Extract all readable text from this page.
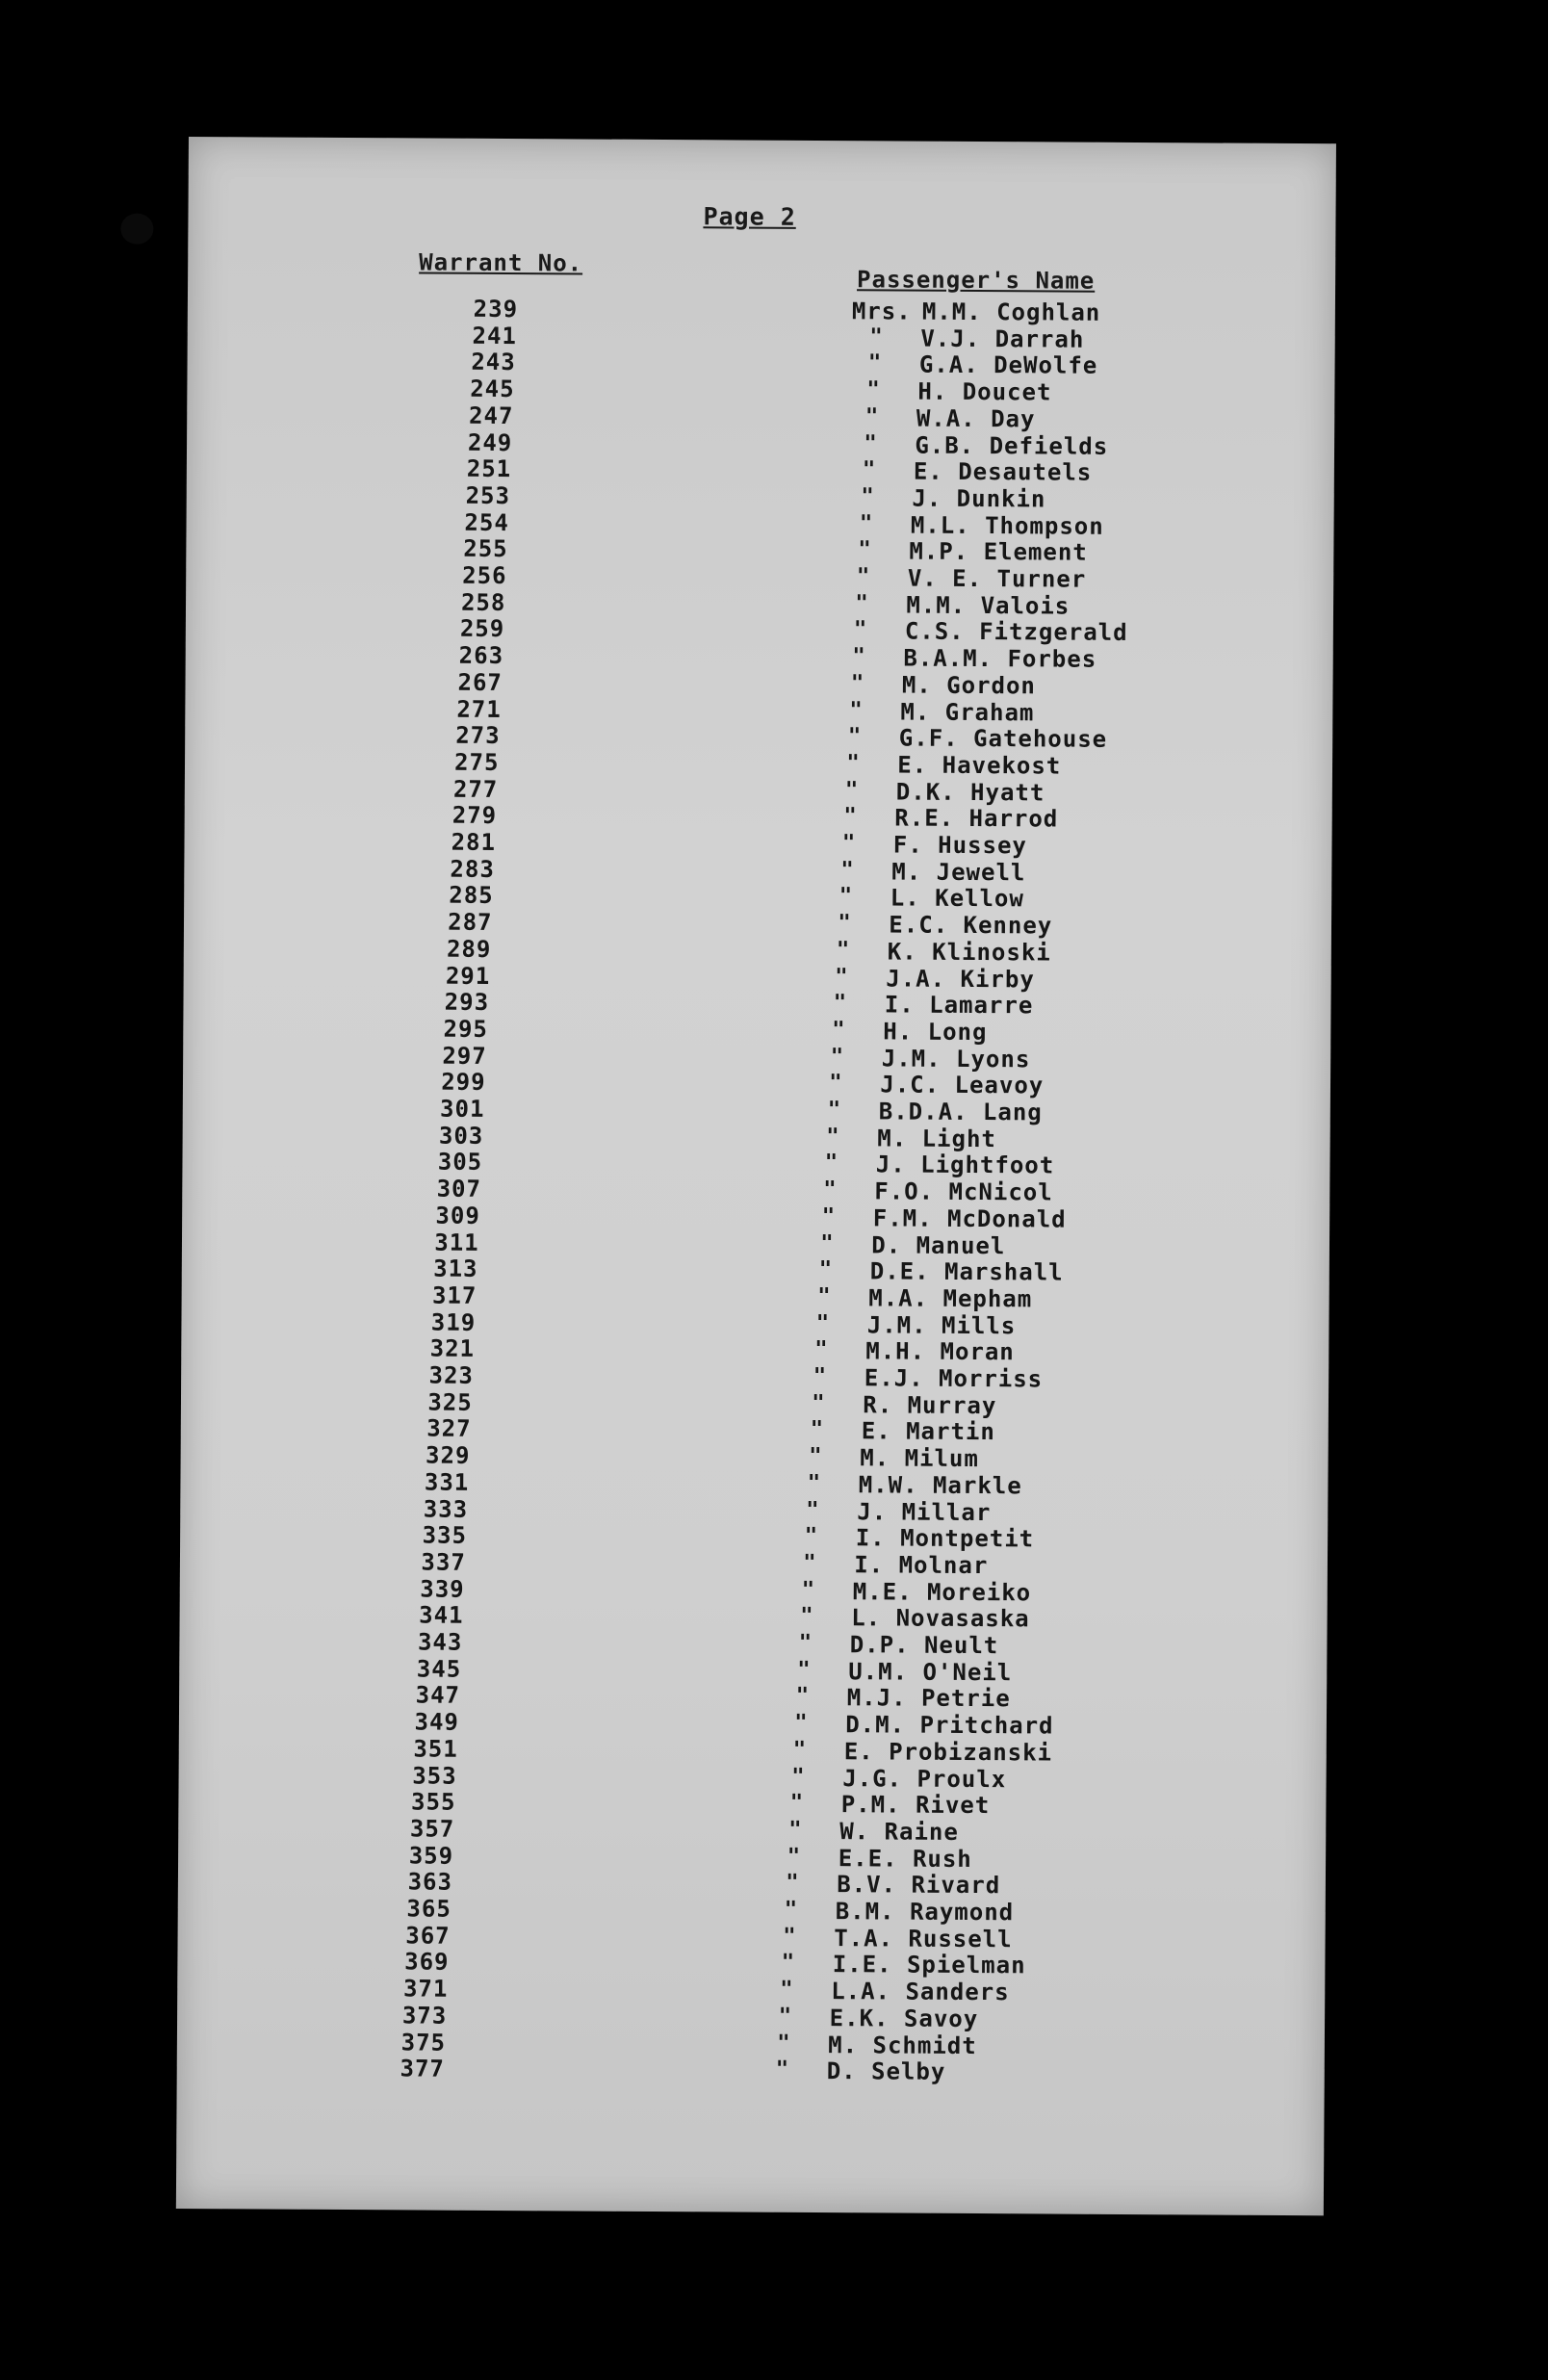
Page 2
Warrant No.
Passenger's Name
239	Mrs. M.M. Coghlan
241	" V.J. Darrah
243	" G.A. DeWolfe
245	" H. Doucet
247	" W.A. Day
249	" G.B. Defields
251	" E. Desautels
253	" J. Dunkin
254	" M.L. Thompson
255	" M.P. Element
256	" V. E. Turner
258	" M.M. Valois
259	" C.S. Fitzgerald
263	" B.A.M. Forbes
267	" M. Gordon
271	" M. Graham
273	" G.F. Gatehouse
275	" E. Havekost
277	" D.K. Hyatt
279	" R.E. Harrod
281	" F. Hussey
283	" M. Jewell
285	" L. Kellow
287	" E.C. Kenney
289	" K. Klinoski
291	" J.A. Kirby
293	" I. Lamarre
295	" H. Long
297	" J.M. Lyons
299	" J.C. Leavoy
301	" B.D.A. Lang
303	" M. Light
305	" J. Lightfoot
307	" F.O. McNicol
309	" F.M. McDonald
311	" D. Manuel
313	" D.E. Marshall
317	" M.A. Mepham
319	" J.M. Mills
321	" M.H. Moran
323	" E.J. Morriss
325	" R. Murray
327	" E. Martin
329	" M. Milum
331	" M.W. Markle
333	" J. Millar
335	" I. Montpetit
337	" I. Molnar
339	" M.E. Moreiko
341	" L. Novasaska
343	" D.P. Neult
345	" U.M. O'Neil
347	" M.J. Petrie
349	" D.M. Pritchard
351	" E. Probizanski
353	" J.G. Proulx
355	" P.M. Rivet
357	" W. Raine
359	" E.E. Rush
363	" B.V. Rivard
365	" B.M. Raymond
367	" T.A. Russell
369	" I.E. Spielman
371	" L.A. Sanders
373	" E.K. Savoy
375	" M. Schmidt
377	" D. Selby
